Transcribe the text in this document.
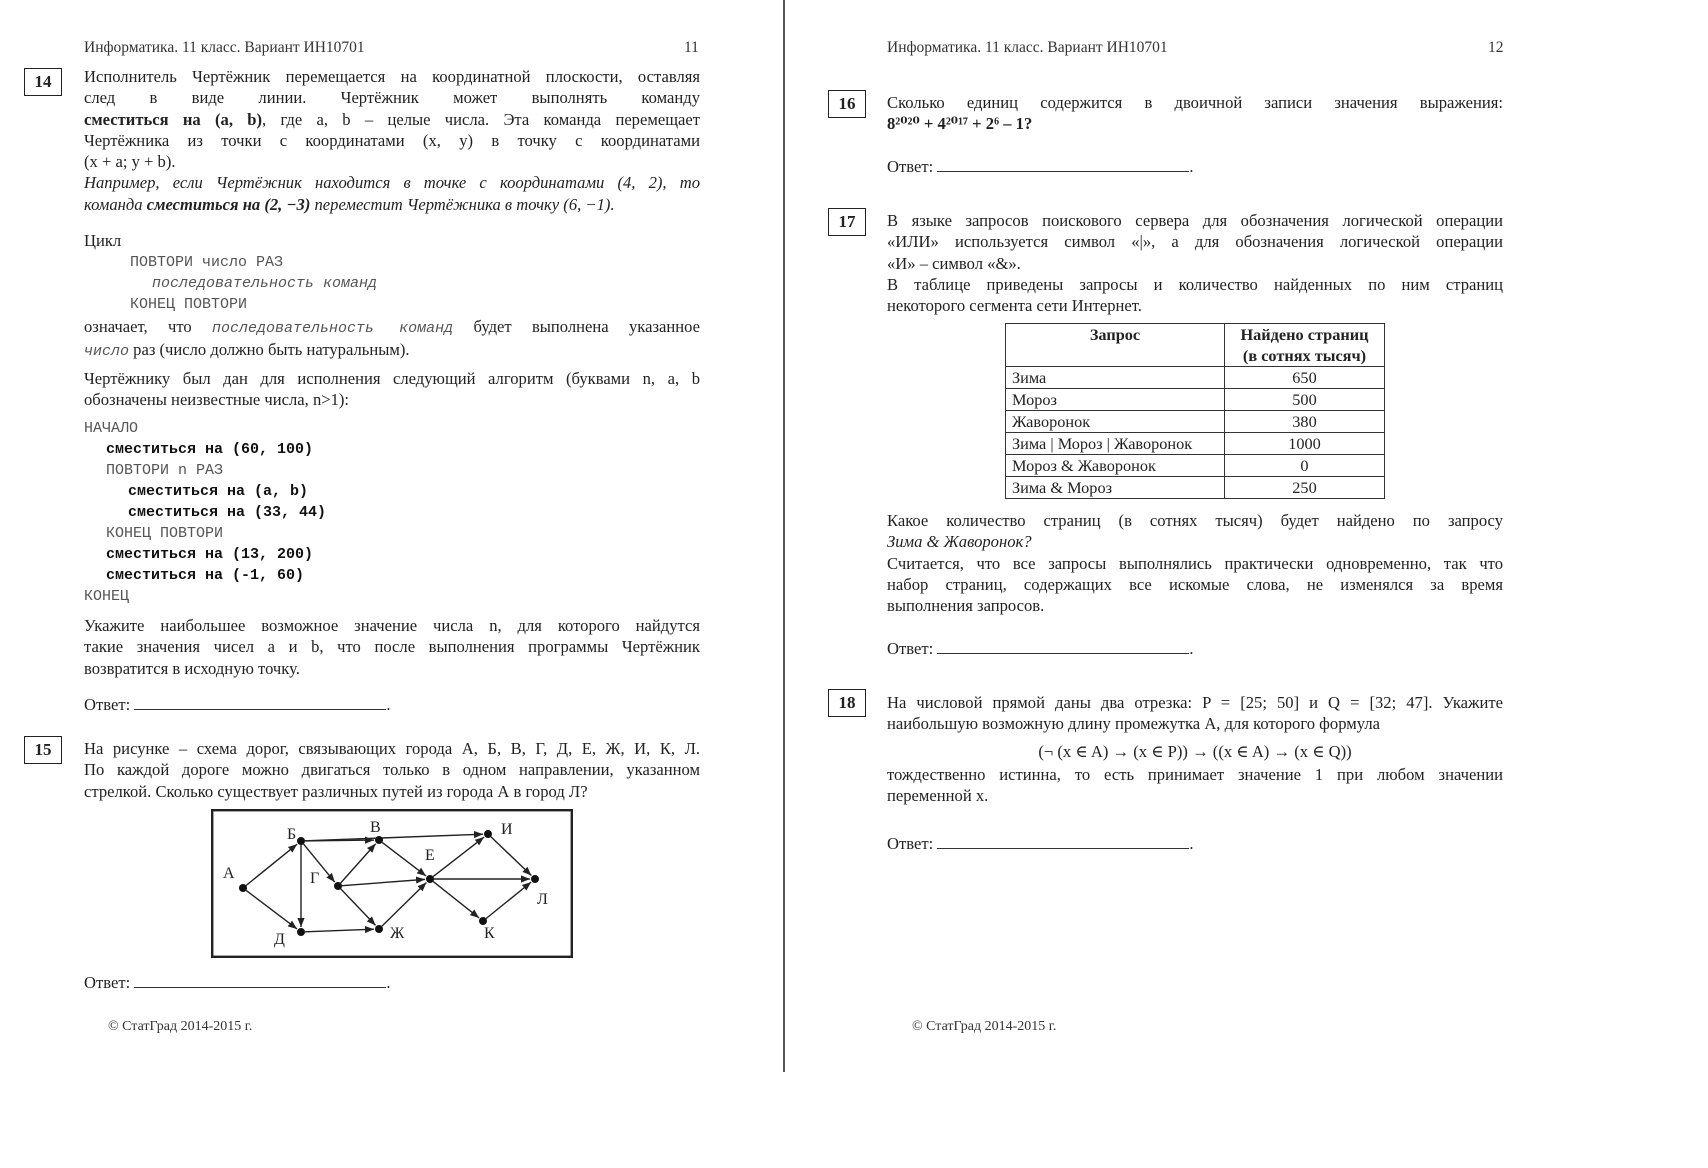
Информатика. 11 класс. Вариант ИН10701	11
14	Исполнитель Чертёжник перемещается на координатной плоскости, оставляя
след в виде линии. Чертёжник может выполнять команду
сместиться на (a, b), где a, b – целые числа. Эта команда перемещает
Чертёжника из точки с координатами (x, y) в точку с координатами
(x + a; y + b).
Например, если Чертёжник находится в точке с координатами (4, 2), то
команда сместиться на (2, −3) переместит Чертёжника в точку (6, −1).
Цикл
ПОВТОРИ число РАЗ
последовательность команд
КОНЕЦ ПОВТОРИ
означает, что последовательность команд будет выполнена указанное
число раз (число должно быть натуральным).
Чертёжнику был дан для исполнения следующий алгоритм (буквами n, a, b
обозначены неизвестные числа, n>1):
НАЧАЛО
сместиться на (60, 100)
ПОВТОРИ n РАЗ
сместиться на (a, b)
сместиться на (33, 44)
КОНЕЦ ПОВТОРИ
сместиться на (13, 200)
сместиться на (-1, 60)
КОНЕЦ
Укажите наибольшее возможное значение числа n, для которого найдутся
такие значения чисел a и b, что после выполнения программы Чертёжник
возвратится в исходную точку.
Ответ:	.
15	На рисунке – схема дорог, связывающих города А, Б, В, Г, Д, Е, Ж, И, К, Л.
По каждой дороге можно двигаться только в одном направлении, указанном
стрелкой. Сколько существует различных путей из города А в город Л?
А
Б	В
Г
Д
Е
Ж
И
К
Л
Ответ:	.
© СтатГрад 2014-2015 г.
Информатика. 11 класс. Вариант ИН10701	12
16	Сколько единиц содержится в двоичной записи значения выражения:
8²⁰²⁰ + 4²⁰¹⁷ + 2⁶ – 1?
Ответ:	.
17	В языке запросов поискового сервера для обозначения логической операции
«ИЛИ» используется символ «|», а для обозначения логической операции
«И» – символ «&».
В таблице приведены запросы и количество найденных по ним страниц
некоторого сегмента сети Интернет.
Запрос	Найдено страниц
(в сотнях тысяч)
Зима	650
Мороз	500
Жаворонок	380
Зима | Мороз | Жаворонок	1000
Мороз & Жаворонок	0
Зима & Мороз	250
Какое количество страниц (в сотнях тысяч) будет найдено по запросу
Зима & Жаворонок?
Считается, что все запросы выполнялись практически одновременно, так что
набор страниц, содержащих все искомые слова, не изменялся за время
выполнения запросов.
Ответ:	.
18	На числовой прямой даны два отрезка: P = [25; 50] и Q = [32; 47]. Укажите
наибольшую возможную длину промежутка A, для которого формула
(¬ (x ∈ A) → (x ∈ P)) → ((x ∈ A) → (x ∈ Q))
тождественно истинна, то есть принимает значение 1 при любом значении
переменной x.
Ответ:	.
© СтатГрад 2014-2015 г.
